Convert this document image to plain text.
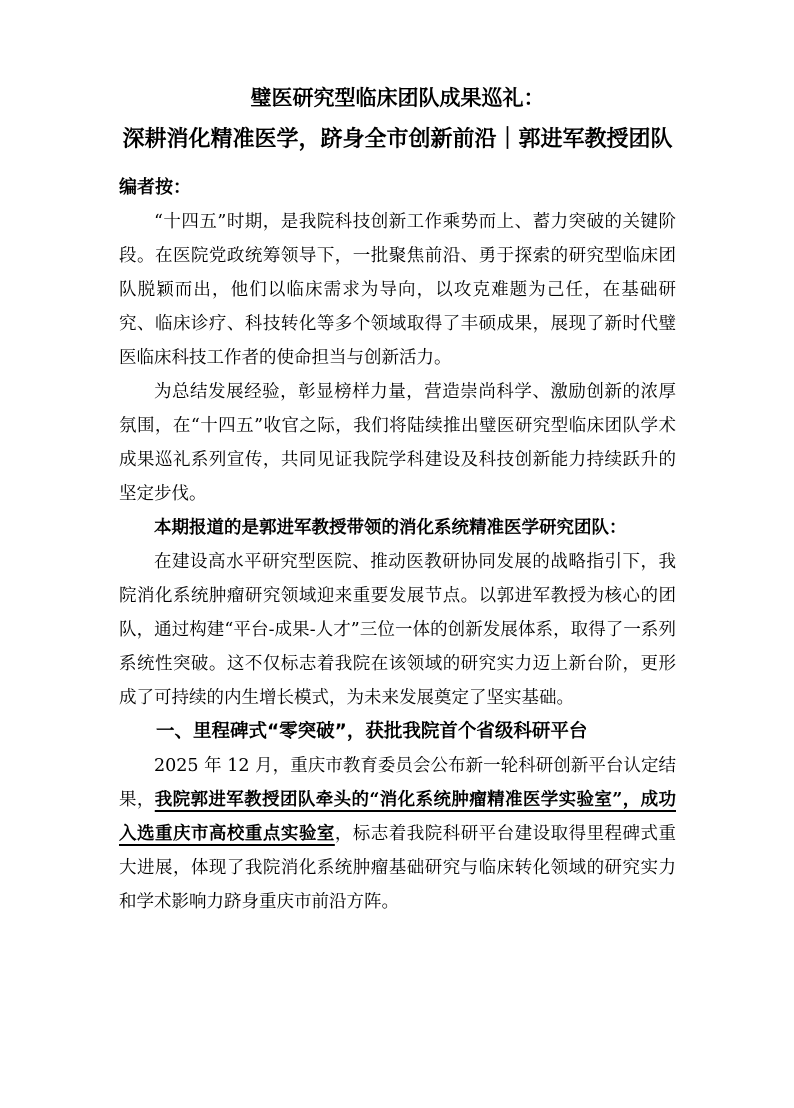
璧医研究型临床团队成果巡礼：
深耕消化精准医学，跻身全市创新前沿｜郭进军教授团队
编者按：

“十四五”时期，是我院科技创新工作乘势而上、蓄力突破的关键阶段。在医院党政统筹领导下，一批聚焦前沿、勇于探索的研究型临床团队脱颖而出，他们以临床需求为导向，以攻克难题为己任，在基础研究、临床诊疗、科技转化等多个领域取得了丰硕成果，展现了新时代璧医临床科技工作者的使命担当与创新活力。

为总结发展经验，彰显榜样力量，营造崇尚科学、激励创新的浓厚氛围，在“十四五”收官之际，我们将陆续推出璧医研究型临床团队学术成果巡礼系列宣传，共同见证我院学科建设及科技创新能力持续跃升的坚定步伐。

本期报道的是郭进军教授带领的消化系统精准医学研究团队：

在建设高水平研究型医院、推动医教研协同发展的战略指引下，我院消化系统肿瘤研究领域迎来重要发展节点。以郭进军教授为核心的团队，通过构建“平台-成果-人才”三位一体的创新发展体系，取得了一系列系统性突破。这不仅标志着我院在该领域的研究实力迈上新台阶，更形成了可持续的内生增长模式，为未来发展奠定了坚实基础。

一、里程碑式“零突破”，获批我院首个省级科研平台

2025 年 12 月，重庆市教育委员会公布新一轮科研创新平台认定结果，我院郭进军教授团队牵头的“消化系统肿瘤精准医学实验室”，成功入选重庆市高校重点实验室，标志着我院科研平台建设取得里程碑式重大进展，体现了我院消化系统肿瘤基础研究与临床转化领域的研究实力和学术影响力跻身重庆市前沿方阵。
